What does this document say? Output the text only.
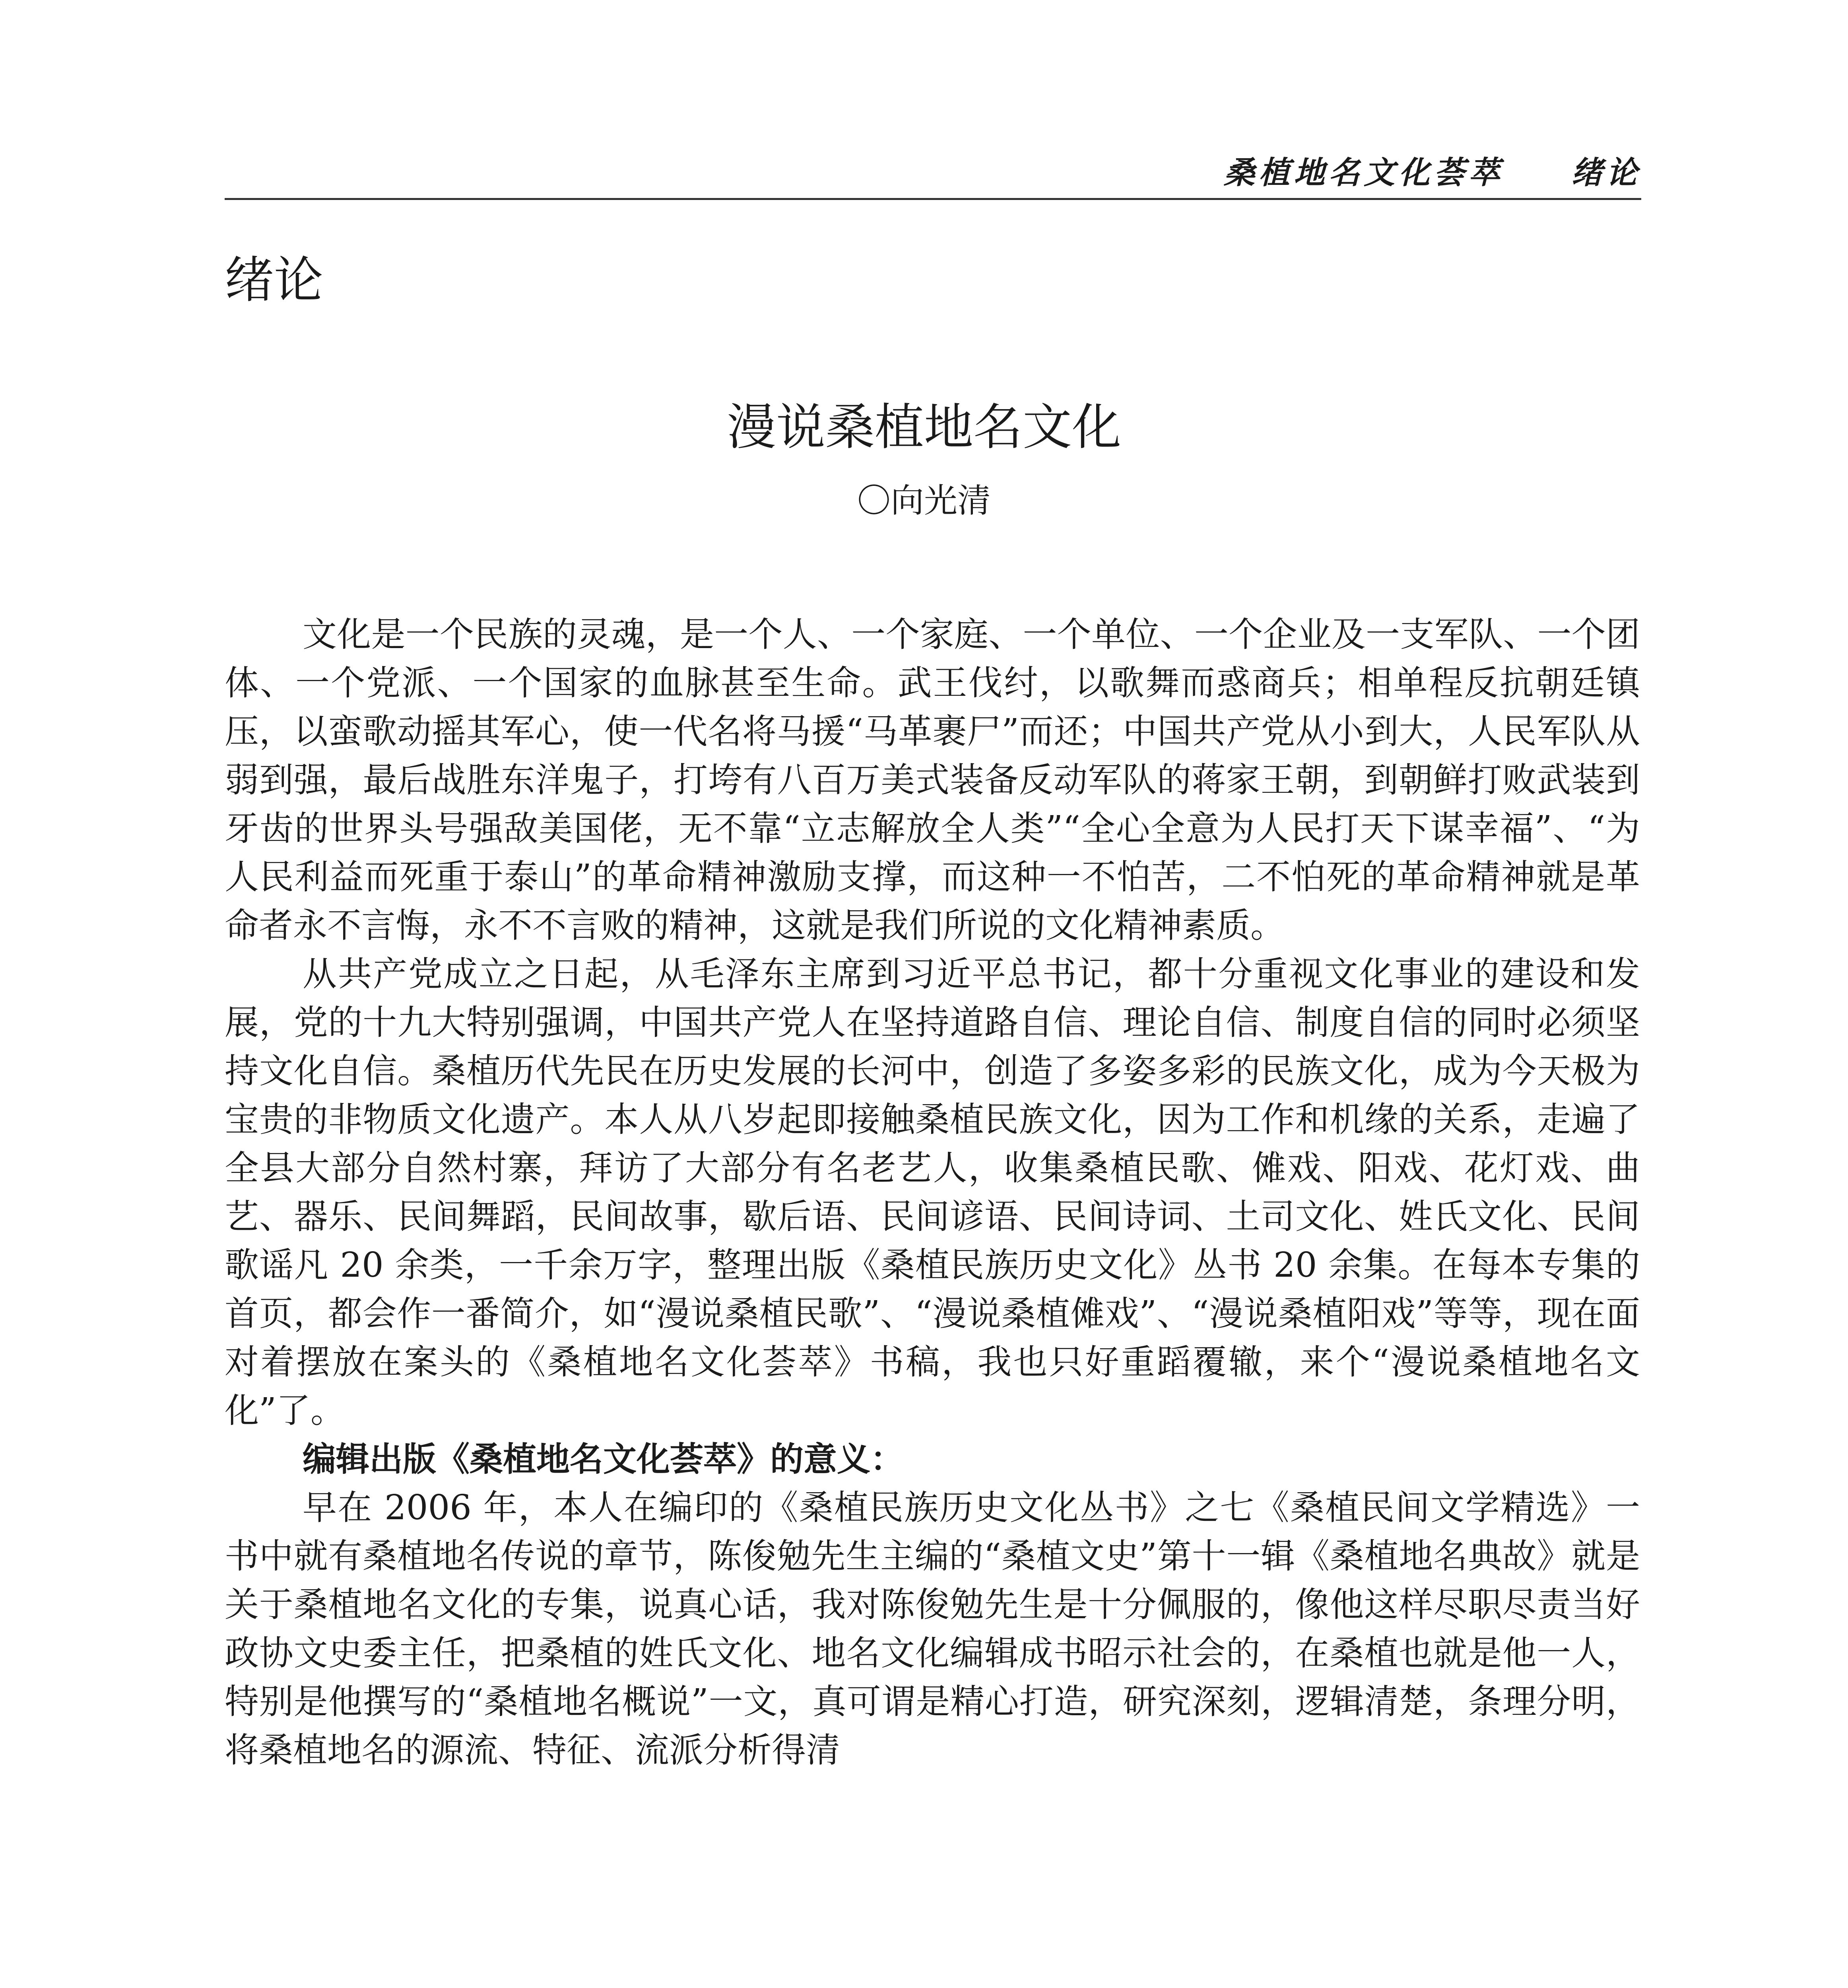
桑植地名文化荟萃 绪论
绪论
漫说桑植地名文化
〇向光清

文化是一个民族的灵魂，是一个人、一个家庭、一个单位、一个企业及一支军队、一个团体、一个党派、一个国家的血脉甚至生命。武王伐纣，以歌舞而惑商兵；相单程反抗朝廷镇压，以蛮歌动摇其军心，使一代名将马援“马革裹尸”而还；中国共产党从小到大，人民军队从弱到强，最后战胜东洋鬼子，打垮有八百万美式装备反动军队的蒋家王朝，到朝鲜打败武装到牙齿的世界头号强敌美国佬，无不靠“立志解放全人类”“全心全意为人民打天下谋幸福”、“为人民利益而死重于泰山”的革命精神激励支撑，而这种一不怕苦，二不怕死的革命精神就是革命者永不言悔，永不不言败的精神，这就是我们所说的文化精神素质。

从共产党成立之日起，从毛泽东主席到习近平总书记，都十分重视文化事业的建设和发展，党的十九大特别强调，中国共产党人在坚持道路自信、理论自信、制度自信的同时必须坚持文化自信。桑植历代先民在历史发展的长河中，创造了多姿多彩的民族文化，成为今天极为宝贵的非物质文化遗产。本人从八岁起即接触桑植民族文化，因为工作和机缘的关系，走遍了全县大部分自然村寨，拜访了大部分有名老艺人，收集桑植民歌、傩戏、阳戏、花灯戏、曲艺、器乐、民间舞蹈，民间故事，歇后语、民间谚语、民间诗词、土司文化、姓氏文化、民间歌谣凡 20 余类，一千余万字，整理出版《桑植民族历史文化》丛书 20 余集。在每本专集的首页，都会作一番简介，如“漫说桑植民歌”、“漫说桑植傩戏”、“漫说桑植阳戏”等等，现在面对着摆放在案头的《桑植地名文化荟萃》书稿，我也只好重蹈覆辙，来个“漫说桑植地名文化”了。

编辑出版《桑植地名文化荟萃》的意义：

早在 2006 年，本人在编印的《桑植民族历史文化丛书》之七《桑植民间文学精选》一书中就有桑植地名传说的章节，陈俊勉先生主编的“桑植文史”第十一辑《桑植地名典故》就是关于桑植地名文化的专集，说真心话，我对陈俊勉先生是十分佩服的，像他这样尽职尽责当好政协文史委主任，把桑植的姓氏文化、地名文化编辑成书昭示社会的，在桑植也就是他一人，特别是他撰写的“桑植地名概说”一文，真可谓是精心打造，研究深刻，逻辑清楚，条理分明，将桑植地名的源流、特征、流派分析得清
